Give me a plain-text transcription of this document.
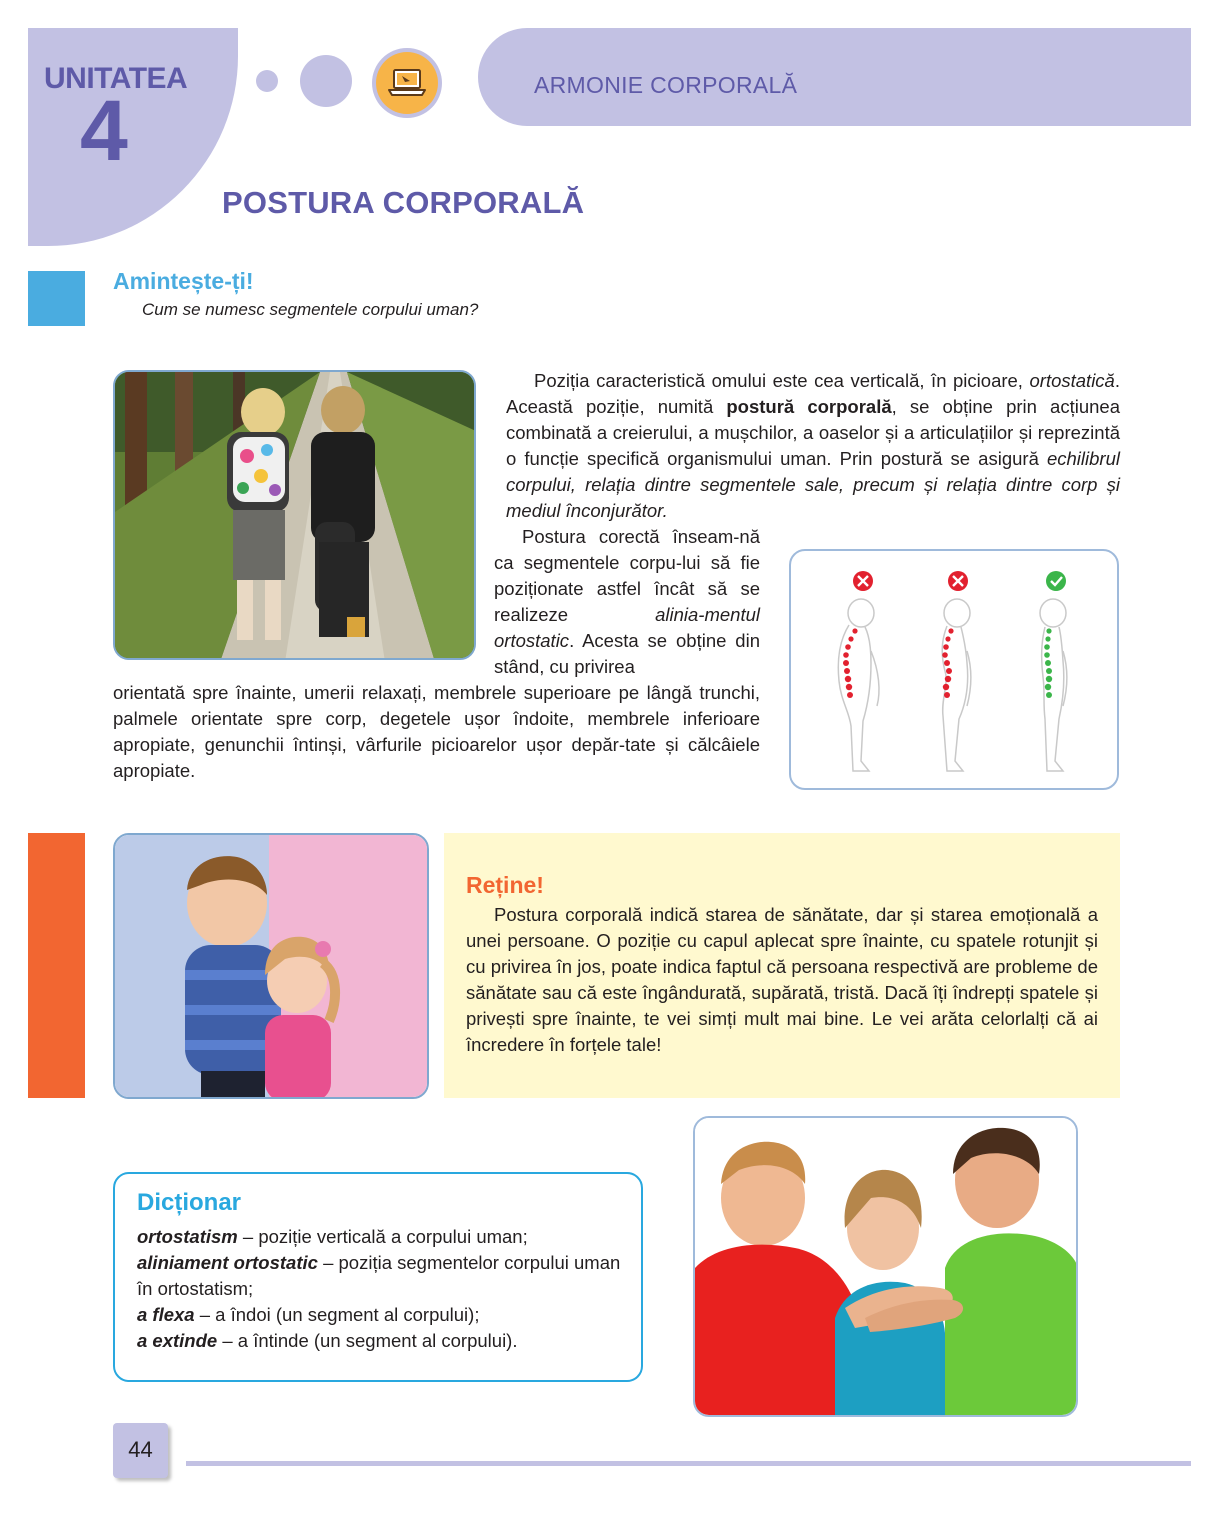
UNITATEA
4	ARMONIE CORPORALĂ
POSTURA CORPORALĂ
Amintește-ți!
Cum se numesc segmentele corpului uman?
Poziția caracteristică omului este cea verticală, în picioare, ortostatică. Această poziție, numită postură corporală, se obține prin acțiunea combinată a creierului, a mușchilor, a oaselor și a articulațiilor și reprezintă o funcție specifică organismului uman. Prin postură se asigură echilibrul corpului, relația dintre segmentele sale, precum și relația dintre corp și mediul înconjurător.
Postura corectă înseam-nă ca segmentele corpu-lui să fie poziționate astfel încât să se realizeze alinia-mentul ortostatic. Acesta se obține din stând, cu privirea
orientată spre înainte, umerii relaxați, membrele superioare pe lângă trunchi, palmele orientate spre corp, degetele ușor îndoite, membrele inferioare apropiate, genunchii întinși, vârfurile picioarelor ușor depăr-tate și călcâiele apropiate.
Reține!
Postura corporală indică starea de sănătate, dar și starea emoțională a unei persoane. O poziție cu capul aplecat spre înainte, cu spatele rotunjit și cu privirea în jos, poate indica faptul că persoana respectivă are probleme de sănătate sau că este îngândurată, supărată, tristă. Dacă îți îndrepți spatele și privești spre înainte, te vei simți mult mai bine. Le vei arăta celorlalți că ai încredere în forțele tale!
Dicționar
ortostatism – poziție verticală a corpului uman;
aliniament ortostatic – poziția segmentelor corpului uman în ortostatism;
a flexa – a îndoi (un segment al corpului);
a extinde – a întinde (un segment al corpului).
44
